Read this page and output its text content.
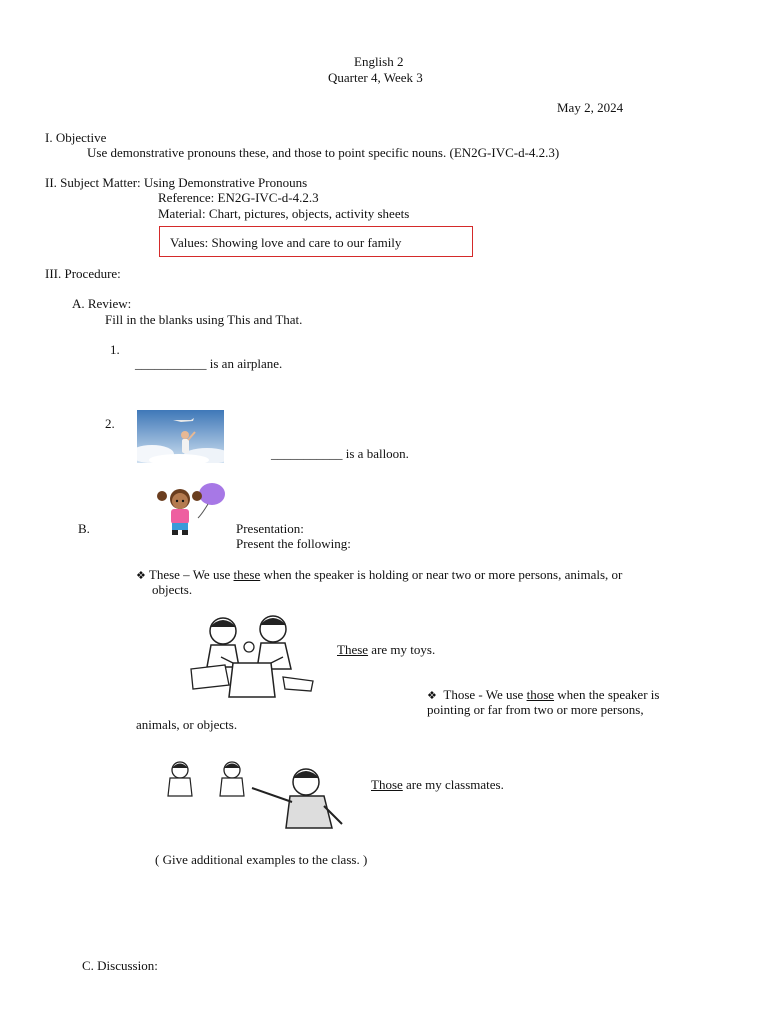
English 2
Quarter 4, Week 3
May 2, 2024
I. Objective
Use demonstrative pronouns these, and those to point specific nouns. (EN2G-IVC-d-4.2.3)
II. Subject Matter: Using Demonstrative Pronouns
Reference: EN2G-IVC-d-4.2.3
Material: Chart, pictures, objects, activity sheets
Values: Showing love and care to our family
III. Procedure:
A. Review:
Fill in the blanks using This and That.
1.
___________ is an airplane.
2.
___________ is a balloon.
B.	Presentation:
Present the following:
❖ These – We use these when the speaker is holding or near two or more persons, animals, or
objects.
These are my toys.
❖ Those - We use those when the speaker is
pointing or far from two or more persons,
animals, or objects.
Those are my classmates.
( Give additional examples to the class. )
C. Discussion:
